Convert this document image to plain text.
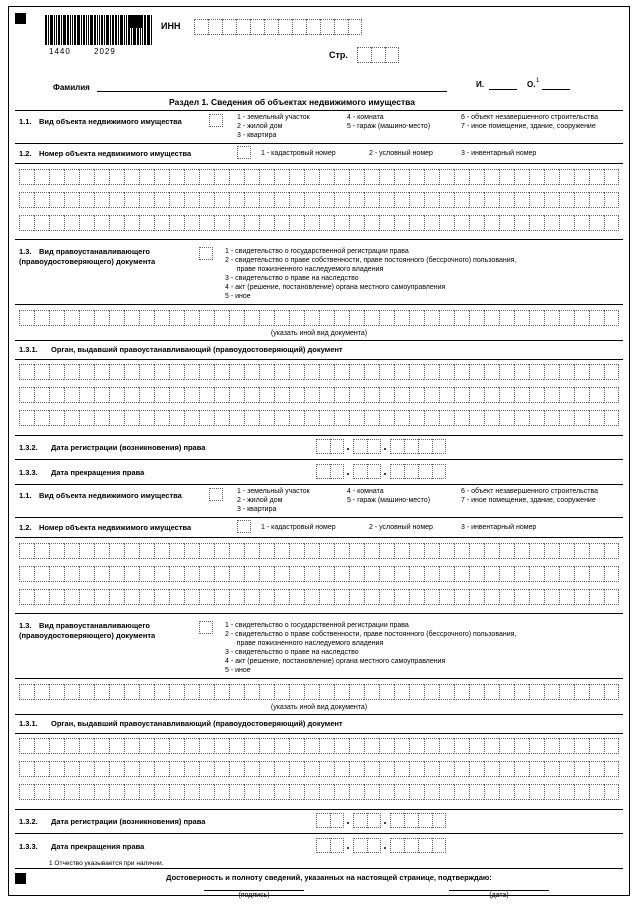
1440	2029
ИНН
Стр.
Фамилия	И.	О. 1
Раздел 1. Сведения об объектах недвижимого имущества
1.1. Вид объекта недвижимого имущества	1 - земельный участок
2 - жилой дом
3 - квартира
4 - комната
5 - гараж (машино-место)
6 - объект незавершенного строительства
7 - иное помещение, здание, сооружение
1.2. Номер объекта недвижимого имущества	1 - кадастровый номер	2 - условный номер	3 - инвентарный номер
1.3. Вид правоустанавливающего
(правоудостоверяющего) документа
1 - свидетельство о государственной регистрации права
2 - свидетельство о праве собственности, праве постоянного (бессрочного) пользования,
праве пожизненного наследуемого владения
3 - свидетельство о праве на наследство
4 - акт (решение, постановление) органа местного самоуправления
5 - иное
(указать иной вид документа)
1.3.1. Орган, выдавший правоустанавливающий (правоудостоверяющий) документ
1.3.2. Дата регистрации (возникновения) права
1.3.3. Дата прекращения права
1.1. Вид объекта недвижимого имущества	1 - земельный участок
2 - жилой дом
3 - квартира
4 - комната
5 - гараж (машино-место)
6 - объект незавершенного строительства
7 - иное помещение, здание, сооружение
1.2. Номер объекта недвижимого имущества	1 - кадастровый номер	2 - условный номер	3 - инвентарный номер
1.3. Вид правоустанавливающего
(правоудостоверяющего) документа
1 - свидетельство о государственной регистрации права
2 - свидетельство о праве собственности, праве постоянного (бессрочного) пользования,
праве пожизненного наследуемого владения
3 - свидетельство о праве на наследство
4 - акт (решение, постановление) органа местного самоуправления
5 - иное
(указать иной вид документа)
1.3.1. Орган, выдавший правоустанавливающий (правоудостоверяющий) документ
1.3.2. Дата регистрации (возникновения) права
1.3.3. Дата прекращения права
1 Отчество указывается при наличии.
Достоверность и полноту сведений, указанных на настоящей странице, подтверждаю:
(подпись)	(дата)
